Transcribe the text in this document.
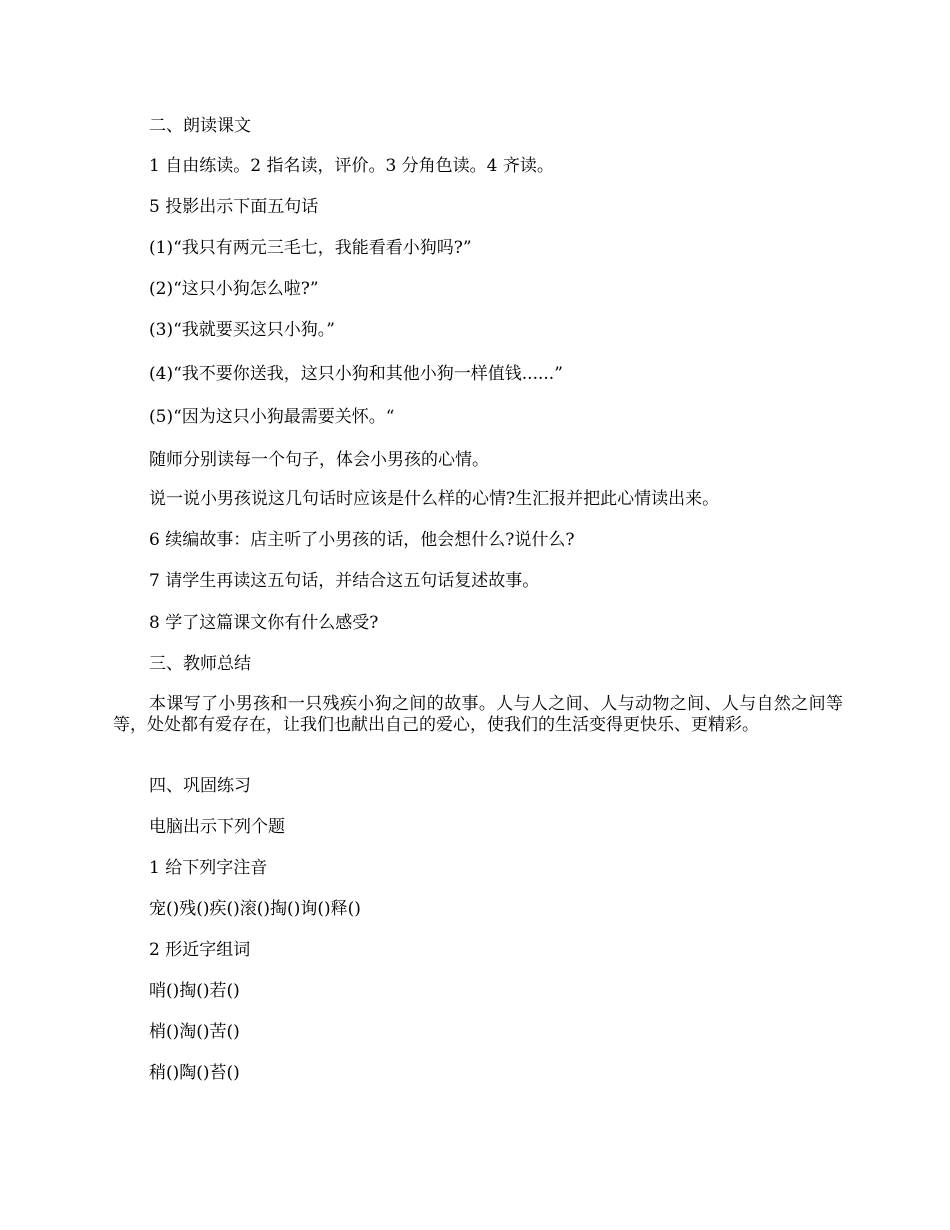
二、朗读课文
1 自由练读。2 指名读，评价。3 分角色读。4 齐读。
5 投影出示下面五句话
(1)“我只有两元三毛七，我能看看小狗吗?”
(2)“这只小狗怎么啦?”
(3)“我就要买这只小狗。”
(4)“我不要你送我，这只小狗和其他小狗一样值钱......”
(5)“因为这只小狗最需要关怀。“
随师分别读每一个句子，体会小男孩的心情。
说一说小男孩说这几句话时应该是什么样的心情?生汇报并把此心情读出来。
6 续编故事：店主听了小男孩的话，他会想什么?说什么?
7 请学生再读这五句话，并结合这五句话复述故事。
8 学了这篇课文你有什么感受?
三、教师总结
本课写了小男孩和一只残疾小狗之间的故事。人与人之间、人与动物之间、人与自然之间等等，处处都有爱存在，让我们也献出自己的爱心，使我们的生活变得更快乐、更精彩。
四、巩固练习
电脑出示下列个题
1 给下列字注音
宠()残()疾()滚()掏()询()释()
2 形近字组词
哨()掏()若()
梢()淘()苦()
稍()陶()苔()
